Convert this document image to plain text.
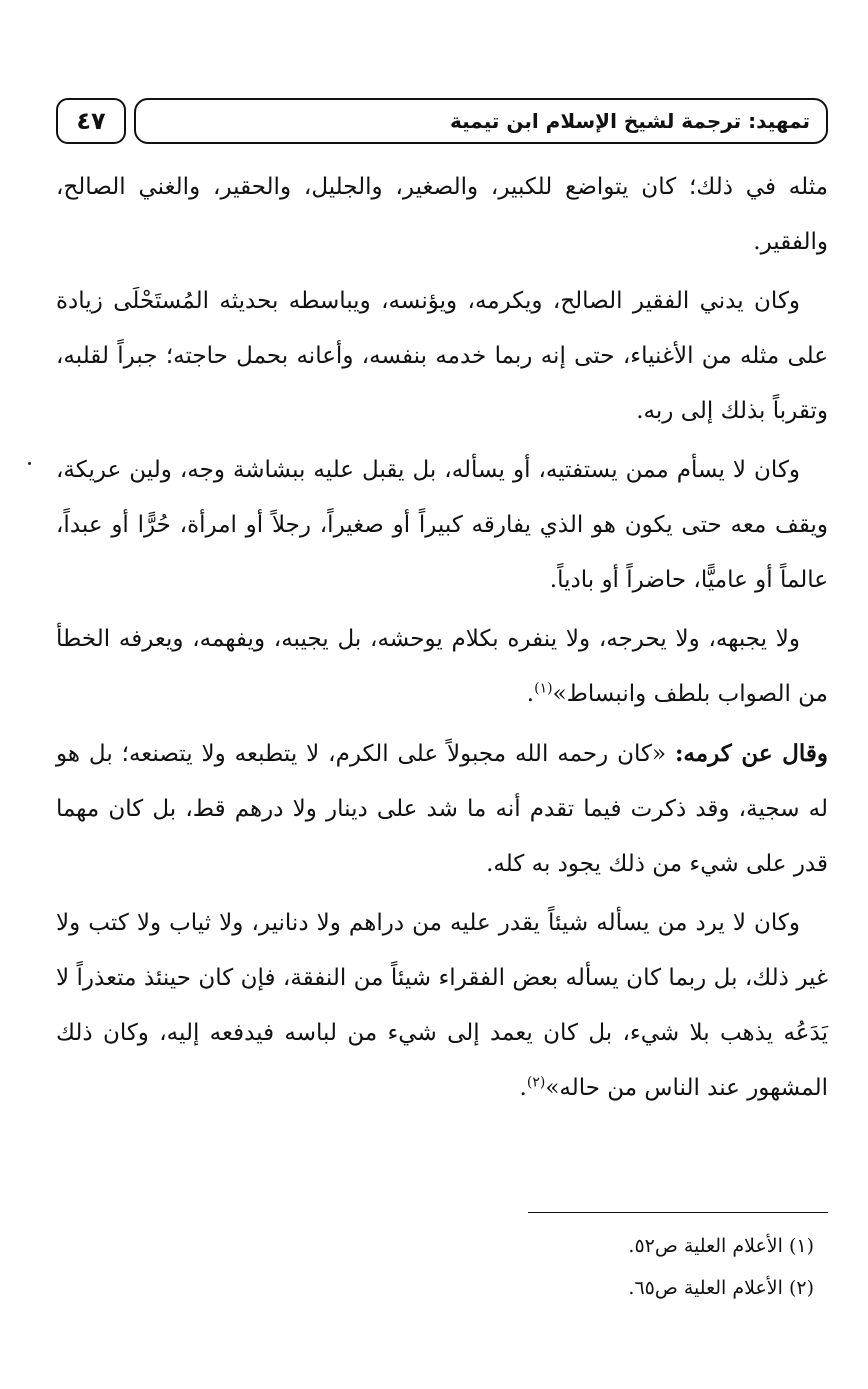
٤٧	تمهيد: ترجمة لشيخ الإسلام ابن تيمية

مثله في ذلك؛ كان يتواضع للكبير، والصغير، والجليل، والحقير، والغني الصالح، والفقير.

وكان يدني الفقير الصالح، ويكرمه، ويؤنسه، ويباسطه بحديثه المُستَحْلَى زيادة على مثله من الأغنياء، حتى إنه ربما خدمه بنفسه، وأعانه بحمل حاجته؛ جبراً لقلبه، وتقرباً بذلك إلى ربه.

وكان لا يسأم ممن يستفتيه، أو يسأله، بل يقبل عليه ببشاشة وجه، ولين عريكة، ويقف معه حتى يكون هو الذي يفارقه كبيراً أو صغيراً، رجلاً أو امرأة، حُرًّا أو عبداً، عالماً أو عاميًّا، حاضراً أو بادياً.

ولا يجبهه، ولا يحرجه، ولا ينفره بكلام يوحشه، بل يجيبه، ويفهمه، ويعرفه الخطأ من الصواب بلطف وانبساط»$^{(١)}$.

وقال عن كرمه: «كان رحمه الله مجبولاً على الكرم، لا يتطبعه ولا يتصنعه؛ بل هو له سجية، وقد ذكرت فيما تقدم أنه ما شد على دينار ولا درهم قط، بل كان مهما قدر على شيء من ذلك يجود به كله.

وكان لا يرد من يسأله شيئاً يقدر عليه من دراهم ولا دنانير، ولا ثياب ولا كتب ولا غير ذلك، بل ربما كان يسأله بعض الفقراء شيئاً من النفقة، فإن كان حينئذ متعذراً لا يَدَعُه يذهب بلا شيء، بل كان يعمد إلى شيء من لباسه فيدفعه إليه، وكان ذلك المشهور عند الناس من حاله»$^{(٢)}$.

(١) الأعلام العلية ص٥٢.
(٢) الأعلام العلية ص٦٥.
